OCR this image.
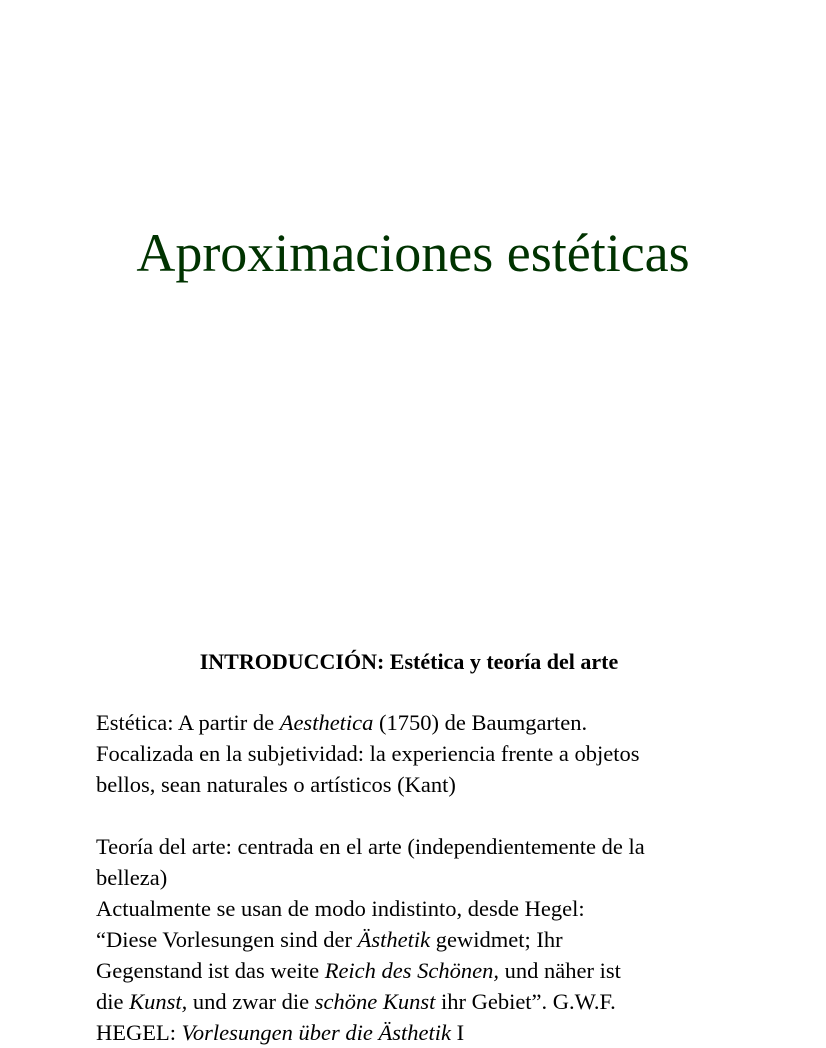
Aproximaciones estéticas
INTRODUCCIÓN: Estética y teoría del arte
Estética: A partir de Aesthetica (1750) de Baumgarten.
Focalizada en la subjetividad: la experiencia frente a objetos
bellos, sean naturales o artísticos (Kant)
Teoría del arte: centrada en el arte (independientemente de la
belleza)
Actualmente se usan de modo indistinto, desde Hegel:
“Diese Vorlesungen sind der Ästhetik gewidmet; Ihr
Gegenstand ist das weite Reich des Schönen, und näher ist
die Kunst, und zwar die schöne Kunst ihr Gebiet”. G.W.F.
HEGEL: Vorlesungen über die Ästhetik I
